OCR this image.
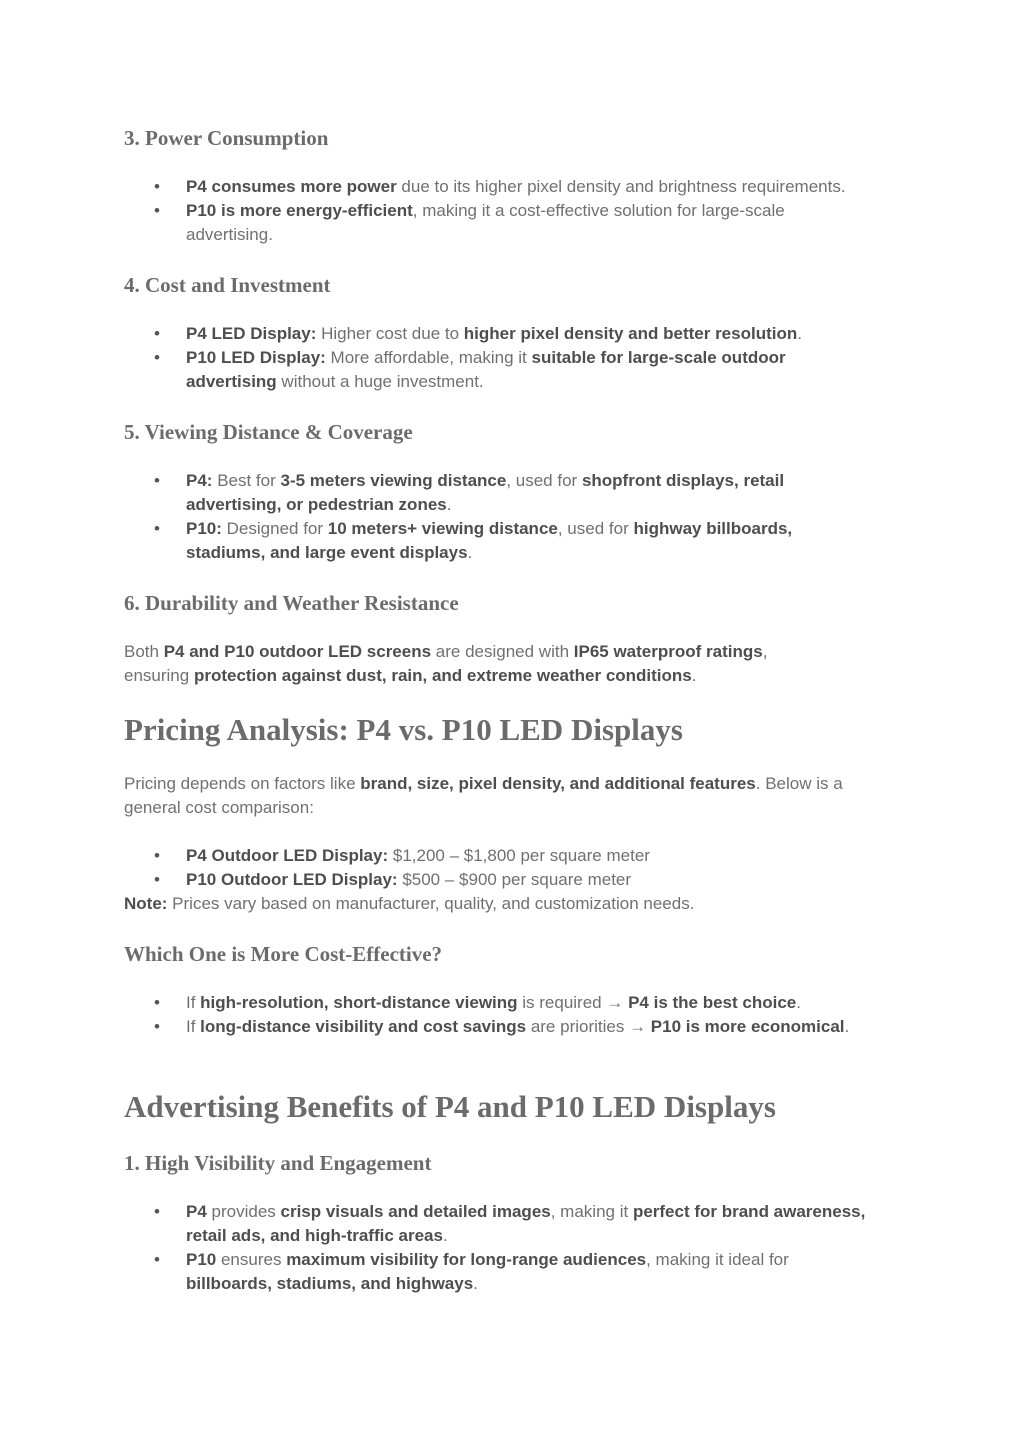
3. Power Consumption
• P4 consumes more power due to its higher pixel density and brightness requirements.
• P10 is more energy-efficient, making it a cost-effective solution for large-scale advertising.
4. Cost and Investment
• P4 LED Display: Higher cost due to higher pixel density and better resolution.
• P10 LED Display: More affordable, making it suitable for large-scale outdoor advertising without a huge investment.
5. Viewing Distance & Coverage
• P4: Best for 3-5 meters viewing distance, used for shopfront displays, retail advertising, or pedestrian zones.
• P10: Designed for 10 meters+ viewing distance, used for highway billboards, stadiums, and large event displays.
6. Durability and Weather Resistance

Both P4 and P10 outdoor LED screens are designed with IP65 waterproof ratings, ensuring protection against dust, rain, and extreme weather conditions.

Pricing Analysis: P4 vs. P10 LED Displays

Pricing depends on factors like brand, size, pixel density, and additional features. Below is a general cost comparison:

• P4 Outdoor LED Display: $1,200 – $1,800 per square meter
• P10 Outdoor LED Display: $500 – $900 per square meter

Note: Prices vary based on manufacturer, quality, and customization needs.

Which One is More Cost-Effective?
• If high-resolution, short-distance viewing is required → P4 is the best choice.
• If long-distance visibility and cost savings are priorities → P10 is more economical.
Advertising Benefits of P4 and P10 LED Displays
1. High Visibility and Engagement
• P4 provides crisp visuals and detailed images, making it perfect for brand awareness, retail ads, and high-traffic areas.
• P10 ensures maximum visibility for long-range audiences, making it ideal for billboards, stadiums, and highways.
